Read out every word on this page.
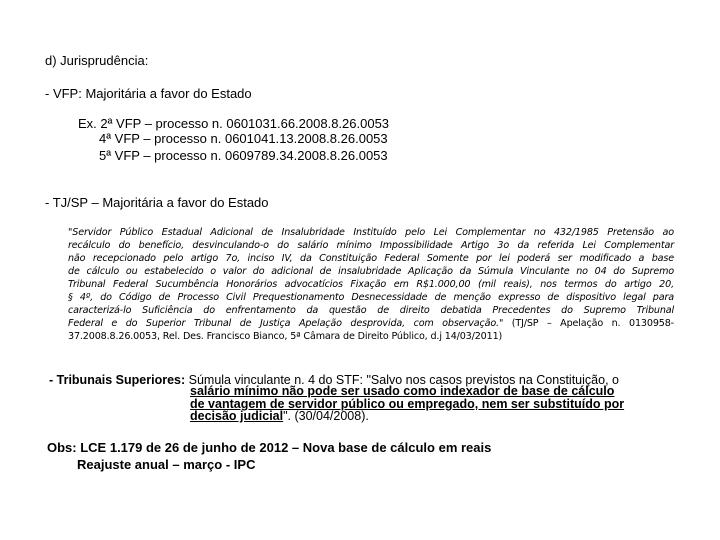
d) Jurisprudência:
- VFP: Majoritária a favor do Estado
Ex. 2ª VFP – processo n. 0601031.66.2008.8.26.0053
4ª VFP – processo n. 0601041.13.2008.8.26.0053
5ª VFP – processo n. 0609789.34.2008.8.26.0053
- TJ/SP – Majoritária a favor do Estado
"Servidor Público Estadual Adicional de Insalubridade Instituído pelo Lei Complementar no 432/1985 Pretensão ao
recálculo do benefício, desvinculando-o do salário mínimo Impossibilidade Artigo 3o da referida Lei Complementar
não recepcionado pelo artigo 7o, inciso IV, da Constituição Federal Somente por lei poderá ser modificado a base
de cálculo ou estabelecido o valor do adicional de insalubridade Aplicação da Súmula Vinculante no 04 do Supremo
Tribunal Federal Sucumbência Honorários advocatícios Fixação em R$1.000,00 (mil reais), nos termos do artigo 20,
§ 4º, do Código de Processo Civil Prequestionamento Desnecessidade de menção expresso de dispositivo legal para
caracterizá-lo Suficiência do enfrentamento da questão de direito debatida Precedentes do Supremo Tribunal
Federal e do Superior Tribunal de Justiça Apelação desprovida, com observação." (TJ/SP – Apelação n. 0130958-
37.2008.8.26.0053, Rel. Des. Francisco Bianco, 5ª Câmara de Direito Público, d.j 14/03/2011)
- Tribunais Superiores: Súmula vinculante n. 4 do STF: "Salvo nos casos previstos na Constituição, o
salário mínimo não pode ser usado como indexador de base de cálculo
de vantagem de servidor público ou empregado, nem ser substituído por
decisão judicial". (30/04/2008).
Obs: LCE 1.179 de 26 de junho de 2012 – Nova base de cálculo em reais
Reajuste anual – março - IPC
